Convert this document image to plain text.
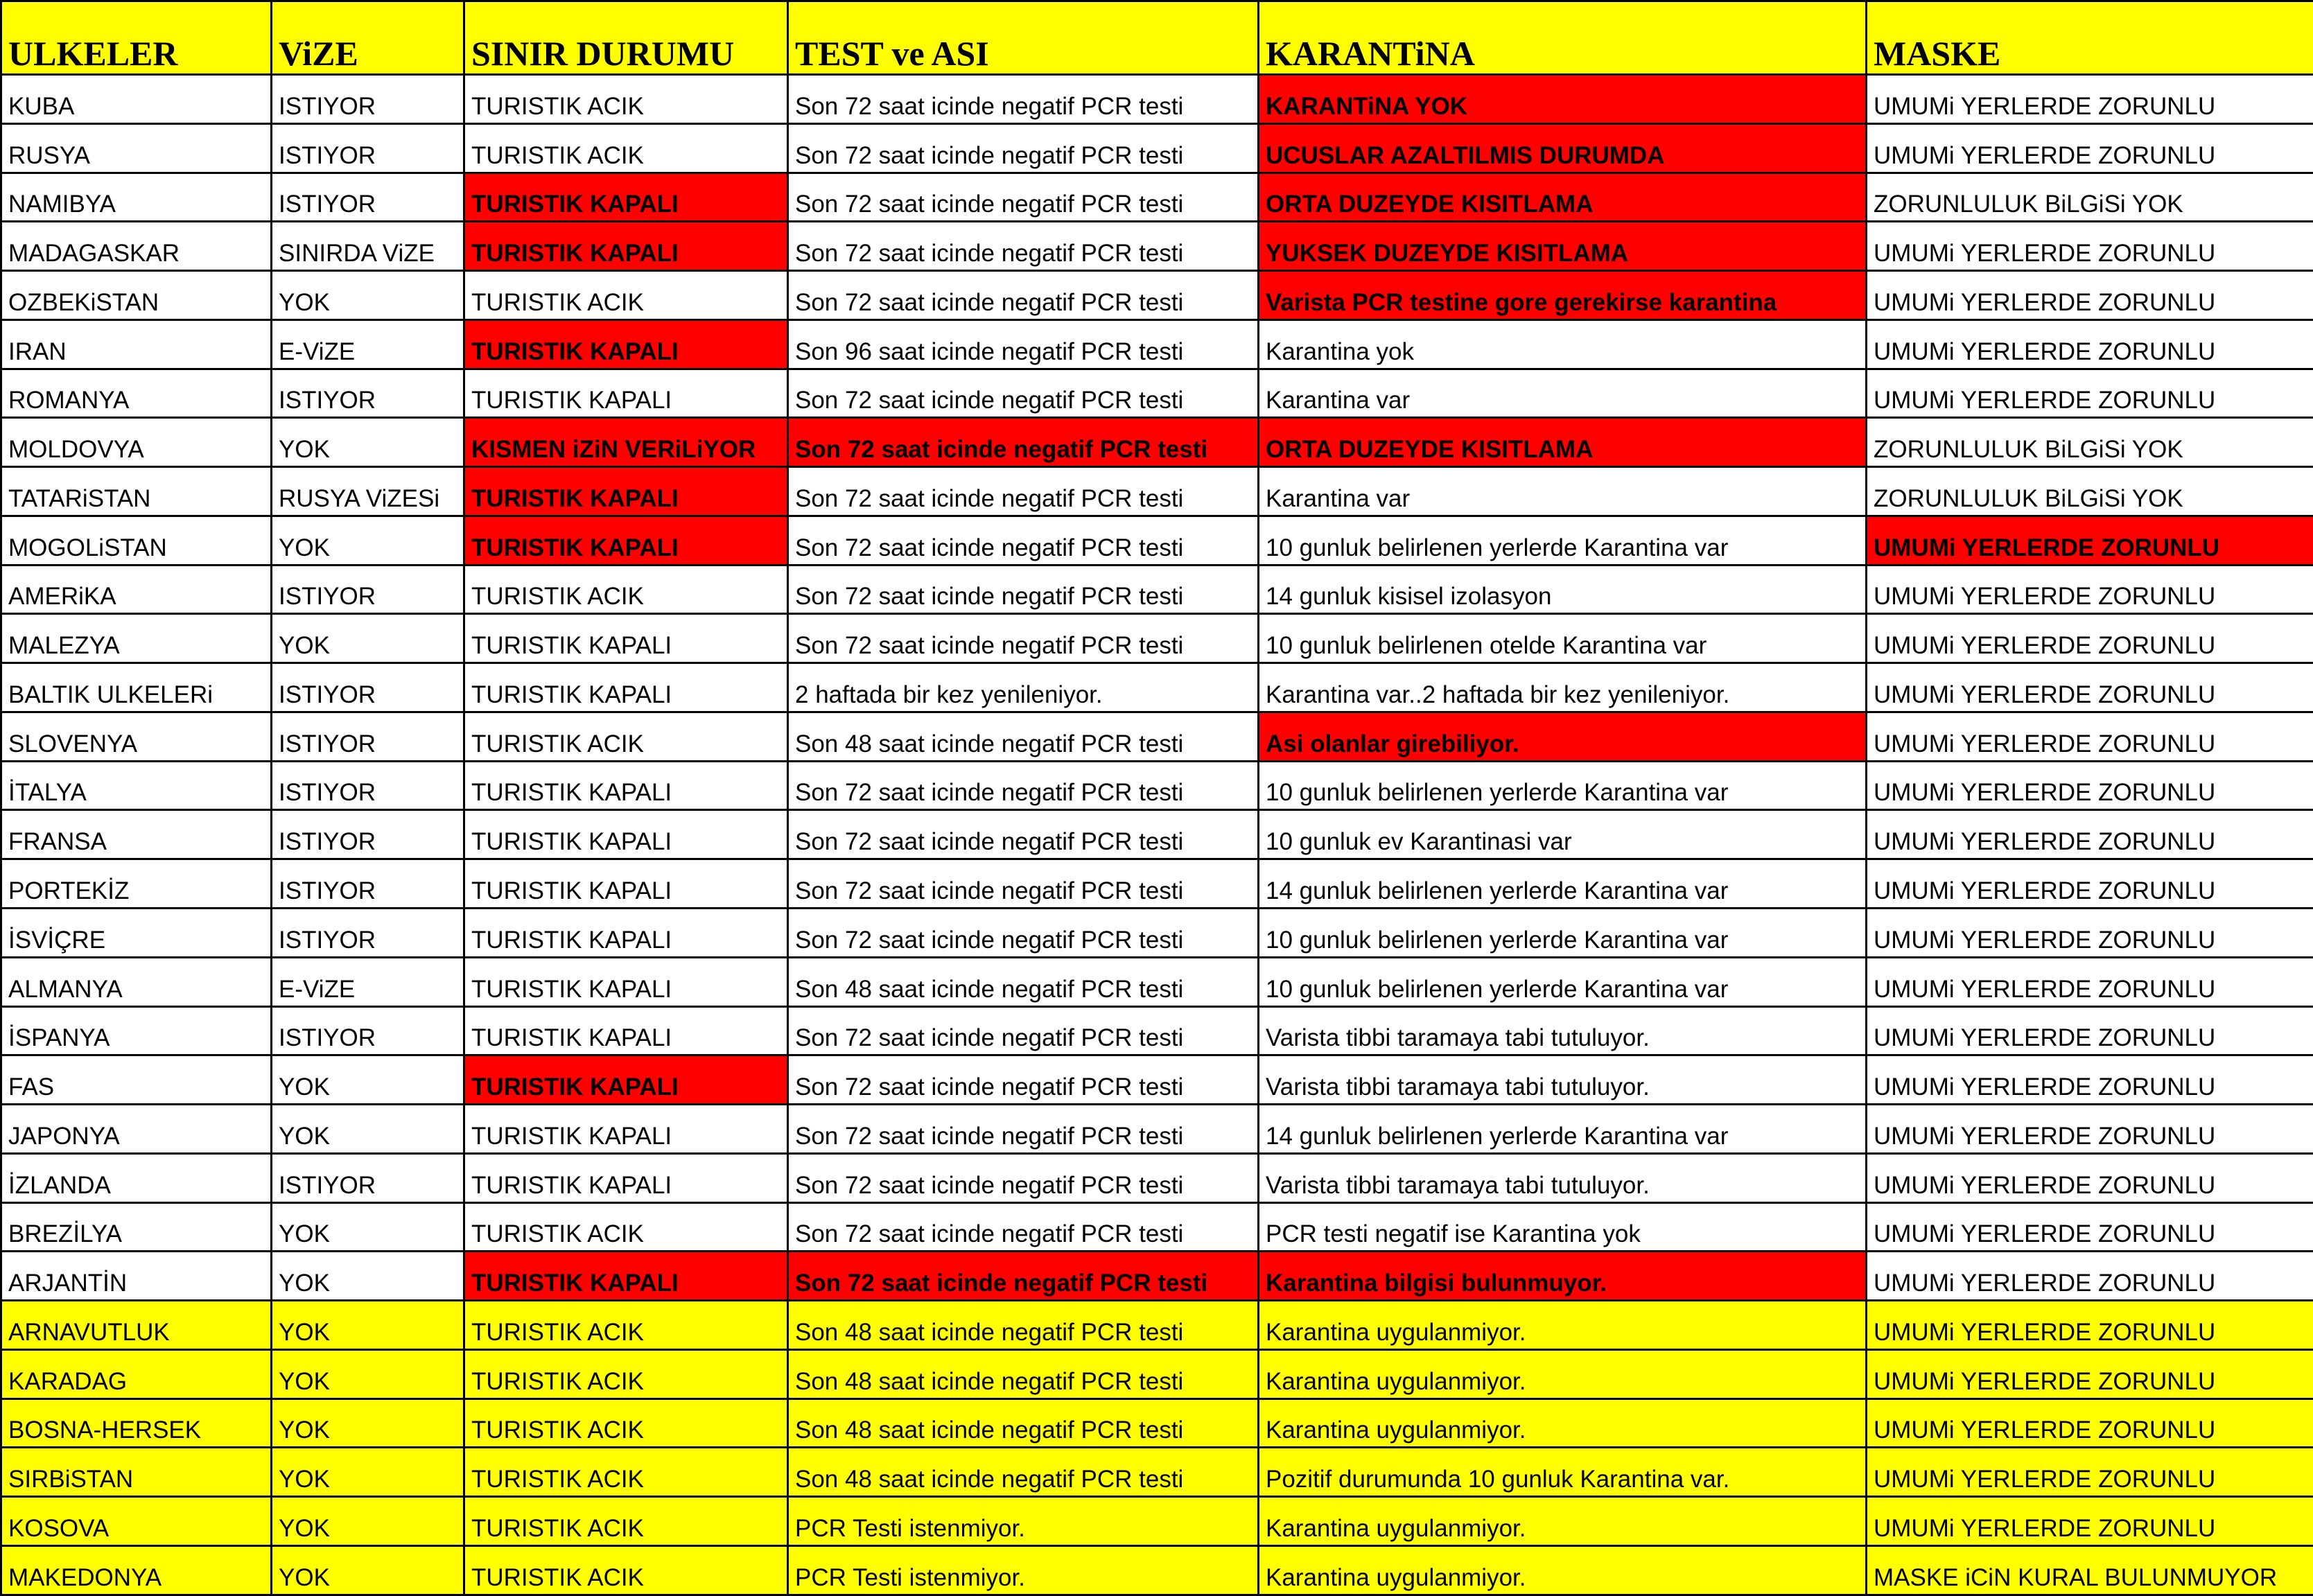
ULKELER	ViZE	SINIR DURUMU	TEST ve ASI	KARANTiNA	MASKE
KUBA	ISTIYOR	TURISTIK ACIK	Son 72 saat icinde negatif PCR testi	KARANTiNA YOK	UMUMi YERLERDE ZORUNLU
RUSYA	ISTIYOR	TURISTIK ACIK	Son 72 saat icinde negatif PCR testi	UCUSLAR AZALTILMIS DURUMDA	UMUMi YERLERDE ZORUNLU
NAMIBYA	ISTIYOR	TURISTIK KAPALI	Son 72 saat icinde negatif PCR testi	ORTA DUZEYDE KISITLAMA	ZORUNLULUK BiLGiSi YOK
MADAGASKAR	SINIRDA ViZE	TURISTIK KAPALI	Son 72 saat icinde negatif PCR testi	YUKSEK DUZEYDE KISITLAMA	UMUMi YERLERDE ZORUNLU
OZBEKiSTAN	YOK	TURISTIK ACIK	Son 72 saat icinde negatif PCR testi	Varista PCR testine gore gerekirse karantina	UMUMi YERLERDE ZORUNLU
IRAN	E-ViZE	TURISTIK KAPALI	Son 96 saat icinde negatif PCR testi	Karantina yok	UMUMi YERLERDE ZORUNLU
ROMANYA	ISTIYOR	TURISTIK KAPALI	Son 72 saat icinde negatif PCR testi	Karantina var	UMUMi YERLERDE ZORUNLU
MOLDOVYA	YOK	KISMEN iZiN VERiLiYOR	Son 72 saat icinde negatif PCR testi	ORTA DUZEYDE KISITLAMA	ZORUNLULUK BiLGiSi YOK
TATARiSTAN	RUSYA ViZESi	TURISTIK KAPALI	Son 72 saat icinde negatif PCR testi	Karantina var	ZORUNLULUK BiLGiSi YOK
MOGOLiSTAN	YOK	TURISTIK KAPALI	Son 72 saat icinde negatif PCR testi	10 gunluk belirlenen yerlerde Karantina var	UMUMi YERLERDE ZORUNLU
AMERiKA	ISTIYOR	TURISTIK ACIK	Son 72 saat icinde negatif PCR testi	14 gunluk kisisel izolasyon	UMUMi YERLERDE ZORUNLU
MALEZYA	YOK	TURISTIK KAPALI	Son 72 saat icinde negatif PCR testi	10 gunluk belirlenen otelde Karantina var	UMUMi YERLERDE ZORUNLU
BALTIK ULKELERi	ISTIYOR	TURISTIK KAPALI	2 haftada bir kez yenileniyor.	Karantina var..2 haftada bir kez yenileniyor.	UMUMi YERLERDE ZORUNLU
SLOVENYA	ISTIYOR	TURISTIK ACIK	Son 48 saat icinde negatif PCR testi	Asi olanlar girebiliyor.	UMUMi YERLERDE ZORUNLU
İTALYA	ISTIYOR	TURISTIK KAPALI	Son 72 saat icinde negatif PCR testi	10 gunluk belirlenen yerlerde Karantina var	UMUMi YERLERDE ZORUNLU
FRANSA	ISTIYOR	TURISTIK KAPALI	Son 72 saat icinde negatif PCR testi	10 gunluk ev Karantinasi var	UMUMi YERLERDE ZORUNLU
PORTEKİZ	ISTIYOR	TURISTIK KAPALI	Son 72 saat icinde negatif PCR testi	14 gunluk belirlenen yerlerde Karantina var	UMUMi YERLERDE ZORUNLU
İSVİÇRE	ISTIYOR	TURISTIK KAPALI	Son 72 saat icinde negatif PCR testi	10 gunluk belirlenen yerlerde Karantina var	UMUMi YERLERDE ZORUNLU
ALMANYA	E-ViZE	TURISTIK KAPALI	Son 48 saat icinde negatif PCR testi	10 gunluk belirlenen yerlerde Karantina var	UMUMi YERLERDE ZORUNLU
İSPANYA	ISTIYOR	TURISTIK KAPALI	Son 72 saat icinde negatif PCR testi	Varista tibbi taramaya tabi tutuluyor.	UMUMi YERLERDE ZORUNLU
FAS	YOK	TURISTIK KAPALI	Son 72 saat icinde negatif PCR testi	Varista tibbi taramaya tabi tutuluyor.	UMUMi YERLERDE ZORUNLU
JAPONYA	YOK	TURISTIK KAPALI	Son 72 saat icinde negatif PCR testi	14 gunluk belirlenen yerlerde Karantina var	UMUMi YERLERDE ZORUNLU
İZLANDA	ISTIYOR	TURISTIK KAPALI	Son 72 saat icinde negatif PCR testi	Varista tibbi taramaya tabi tutuluyor.	UMUMi YERLERDE ZORUNLU
BREZİLYA	YOK	TURISTIK ACIK	Son 72 saat icinde negatif PCR testi	PCR testi negatif ise Karantina yok	UMUMi YERLERDE ZORUNLU
ARJANTİN	YOK	TURISTIK KAPALI	Son 72 saat icinde negatif PCR testi	Karantina bilgisi bulunmuyor.	UMUMi YERLERDE ZORUNLU
ARNAVUTLUK	YOK	TURISTIK ACIK	Son 48 saat icinde negatif PCR testi	Karantina uygulanmiyor.	UMUMi YERLERDE ZORUNLU
KARADAG	YOK	TURISTIK ACIK	Son 48 saat icinde negatif PCR testi	Karantina uygulanmiyor.	UMUMi YERLERDE ZORUNLU
BOSNA-HERSEK	YOK	TURISTIK ACIK	Son 48 saat icinde negatif PCR testi	Karantina uygulanmiyor.	UMUMi YERLERDE ZORUNLU
SIRBiSTAN	YOK	TURISTIK ACIK	Son 48 saat icinde negatif PCR testi	Pozitif durumunda 10 gunluk Karantina var.	UMUMi YERLERDE ZORUNLU
KOSOVA	YOK	TURISTIK ACIK	PCR Testi istenmiyor.	Karantina uygulanmiyor.	UMUMi YERLERDE ZORUNLU
MAKEDONYA	YOK	TURISTIK ACIK	PCR Testi istenmiyor.	Karantina uygulanmiyor.	MASKE iCiN KURAL BULUNMUYOR
